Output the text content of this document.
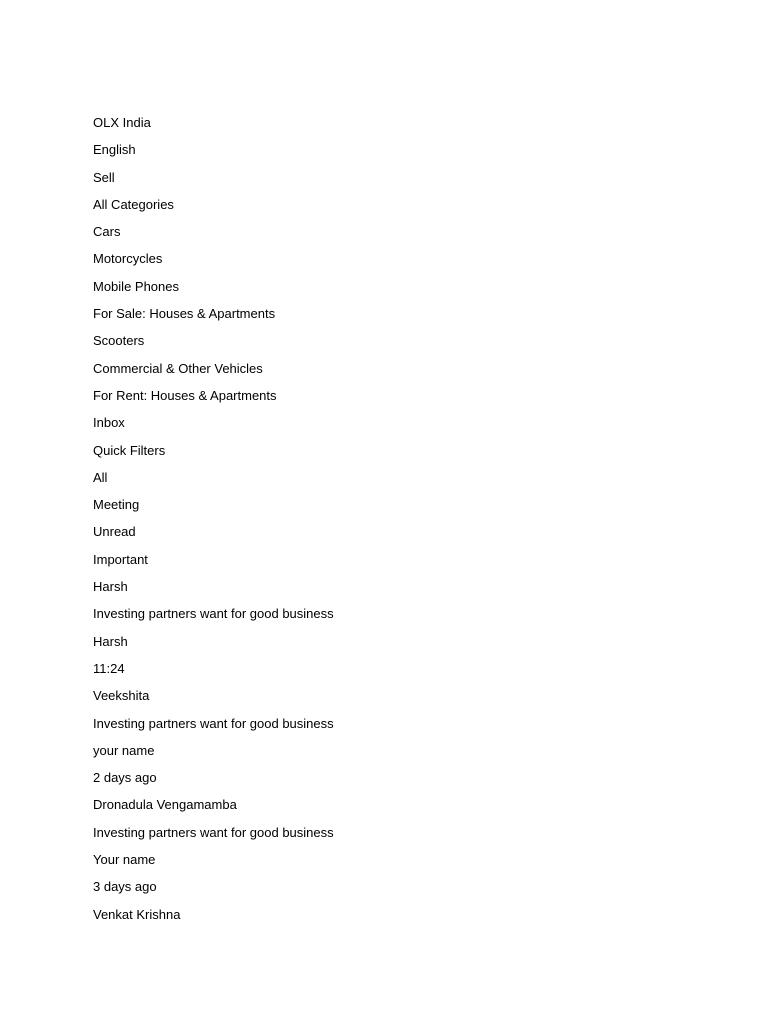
OLX India
English
Sell
All Categories
Cars
Motorcycles
Mobile Phones
For Sale: Houses & Apartments
Scooters
Commercial & Other Vehicles
For Rent: Houses & Apartments
Inbox
Quick Filters
All
Meeting
Unread
Important
Harsh
Investing partners want for good business
Harsh
11:24
Veekshita
Investing partners want for good business
your name
2 days ago
Dronadula Vengamamba
Investing partners want for good business
Your name
3 days ago
Venkat Krishna
